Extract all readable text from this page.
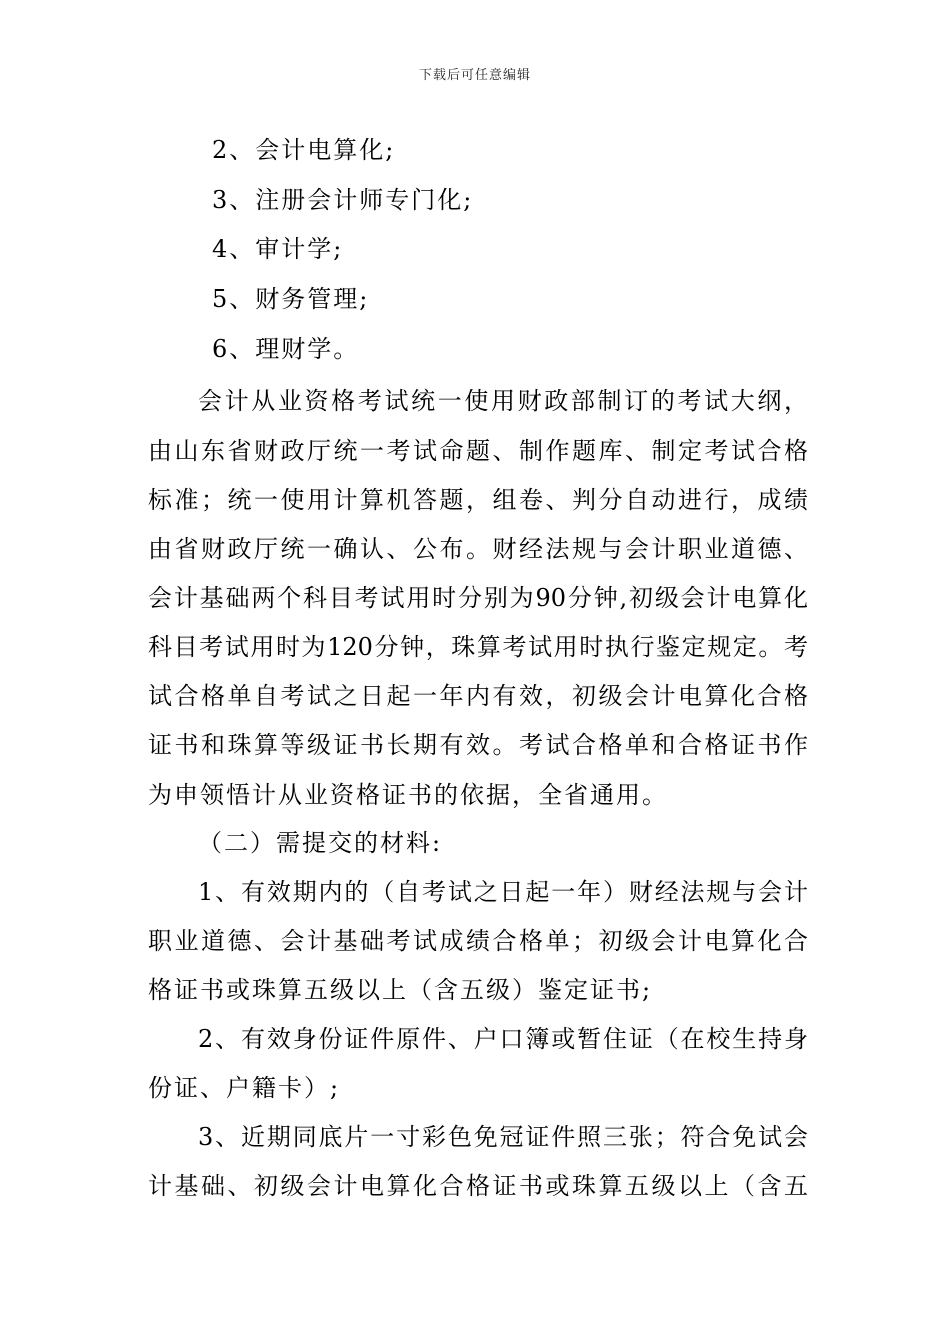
下载后可任意编辑
2、会计电算化;
3、注册会计师专门化;
4、审计学;
5、财务管理;
6、理财学。
会计从业资格考试统一使用财政部制订的考试大纲，
由山东省财政厅统一考试命题、制作题库、制定考试合格
标准；统一使用计算机答题，组卷、判分自动进行，成绩
由省财政厅统一确认、公布。财经法规与会计职业道德、
会计基础两个科目考试用时分别为90分钟,初级会计电算化
科目考试用时为120分钟，珠算考试用时执行鉴定规定。考
试合格单自考试之日起一年内有效，初级会计电算化合格
证书和珠算等级证书长期有效。考试合格单和合格证书作
为申领悟计从业资格证书的依据，全省通用。
（二）需提交的材料:
1、有效期内的（自考试之日起一年）财经法规与会计
职业道德、会计基础考试成绩合格单；初级会计电算化合
格证书或珠算五级以上（含五级）鉴定证书;
2、有效身份证件原件、户口簿或暂住证（在校生持身
份证、户籍卡）;
3、近期同底片一寸彩色免冠证件照三张；符合免试会
计基础、初级会计电算化合格证书或珠算五级以上（含五
